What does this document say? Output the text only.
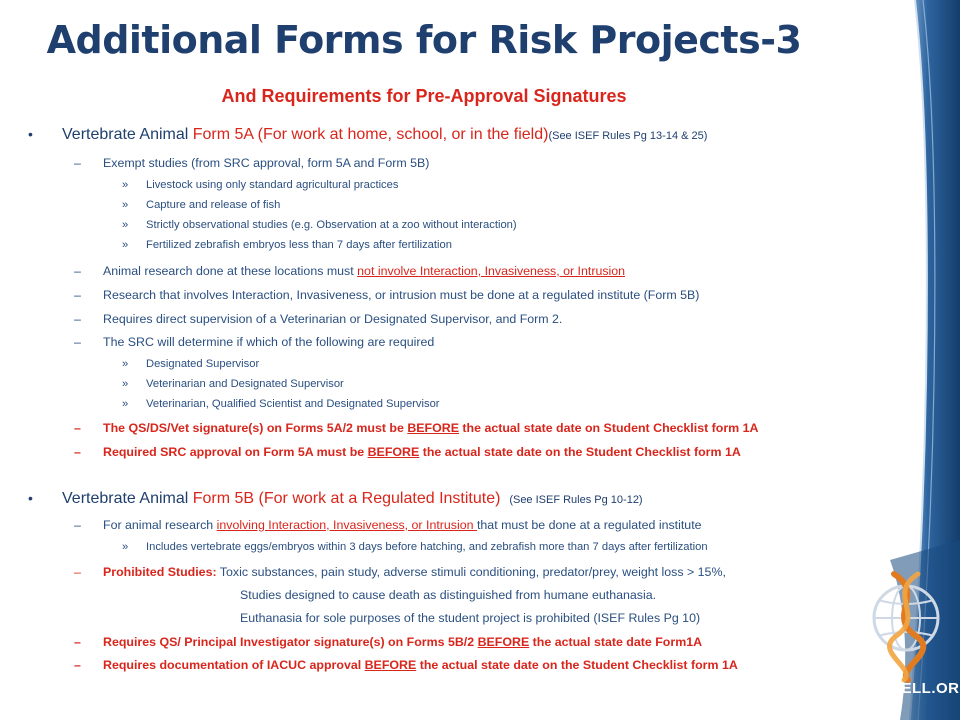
CORIELL.ORG
Additional Forms for Risk Projects-3
And Requirements for Pre-Approval Signatures
• Vertebrate Animal Form 5A (For work at home, school, or in the field)(See ISEF Rules Pg 13-14 & 25)
– Exempt studies (from SRC approval, form 5A and Form 5B)
» Livestock using only standard agricultural practices
» Capture and release of fish
» Strictly observational studies (e.g. Observation at a zoo without interaction)
» Fertilized zebrafish embryos less than 7 days after fertilization
– Animal research done at these locations must not involve Interaction, Invasiveness, or Intrusion
– Research that involves Interaction, Invasiveness, or intrusion must be done at a regulated institute (Form 5B)
– Requires direct supervision of a Veterinarian or Designated Supervisor, and Form 2.
– The SRC will determine if which of the following are required
» Designated Supervisor
» Veterinarian and Designated Supervisor
» Veterinarian, Qualified Scientist and Designated Supervisor
– The QS/DS/Vet signature(s) on Forms 5A/2 must be BEFORE the actual state date on Student Checklist form 1A
– Required SRC approval on Form 5A must be BEFORE the actual state date on the Student Checklist form 1A
• Vertebrate Animal Form 5B (For work at a Regulated Institute) (See ISEF Rules Pg 10-12)
– For animal research involving Interaction, Invasiveness, or Intrusion that must be done at a regulated institute
» Includes vertebrate eggs/embryos within 3 days before hatching, and zebrafish more than 7 days after fertilization
– Prohibited Studies: Toxic substances, pain study, adverse stimuli conditioning, predator/prey, weight loss > 15%,
Studies designed to cause death as distinguished from humane euthanasia.
Euthanasia for sole purposes of the student project is prohibited (ISEF Rules Pg 10)
– Requires QS/ Principal Investigator signature(s) on Forms 5B/2 BEFORE the actual state date Form1A
– Requires documentation of IACUC approval BEFORE the actual state date on the Student Checklist form 1A
